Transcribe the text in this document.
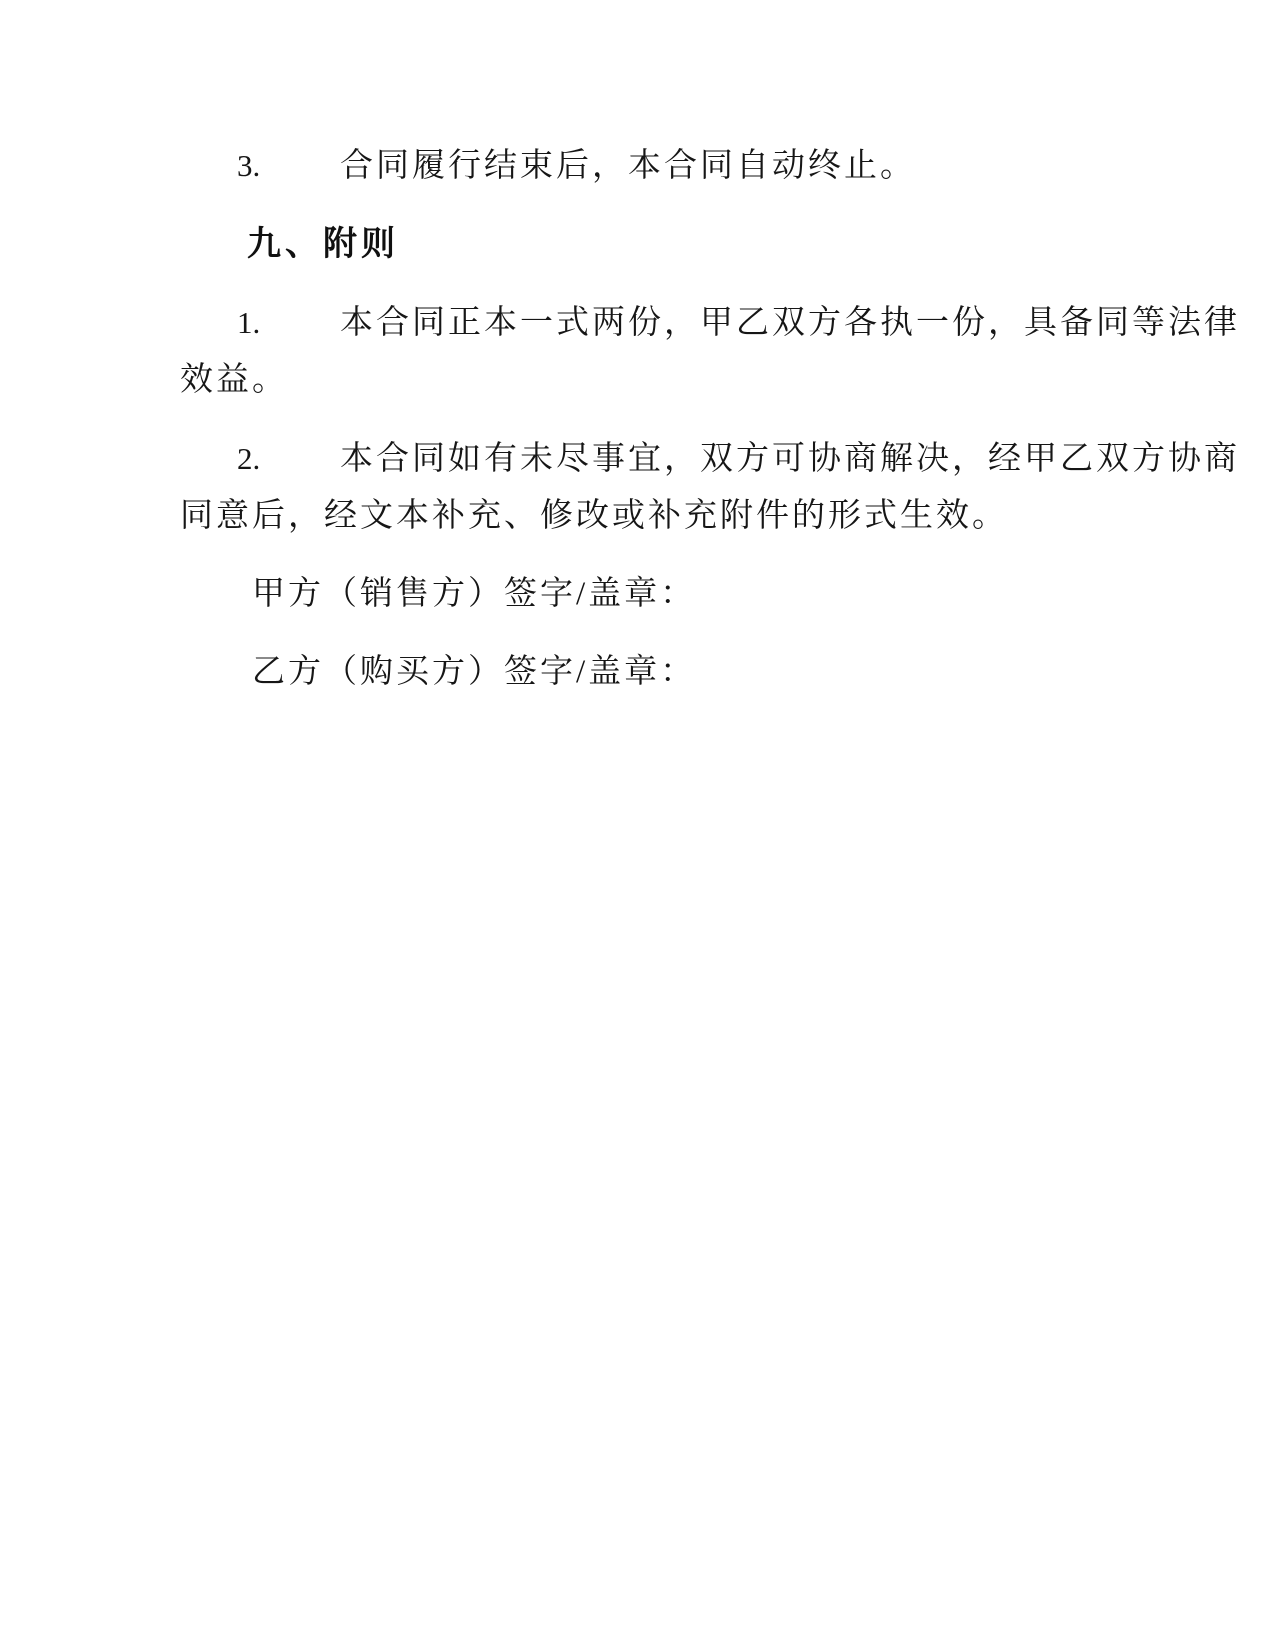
3. 合同履行结束后，本合同自动终止。

九、附则

1. 本合同正本一式两份，甲乙双方各执一份，具备同等法律
效益。

2. 本合同如有未尽事宜，双方可协商解决，经甲乙双方协商
同意后，经文本补充、修改或补充附件的形式生效。

甲方（销售方）签字/盖章：

乙方（购买方）签字/盖章：
